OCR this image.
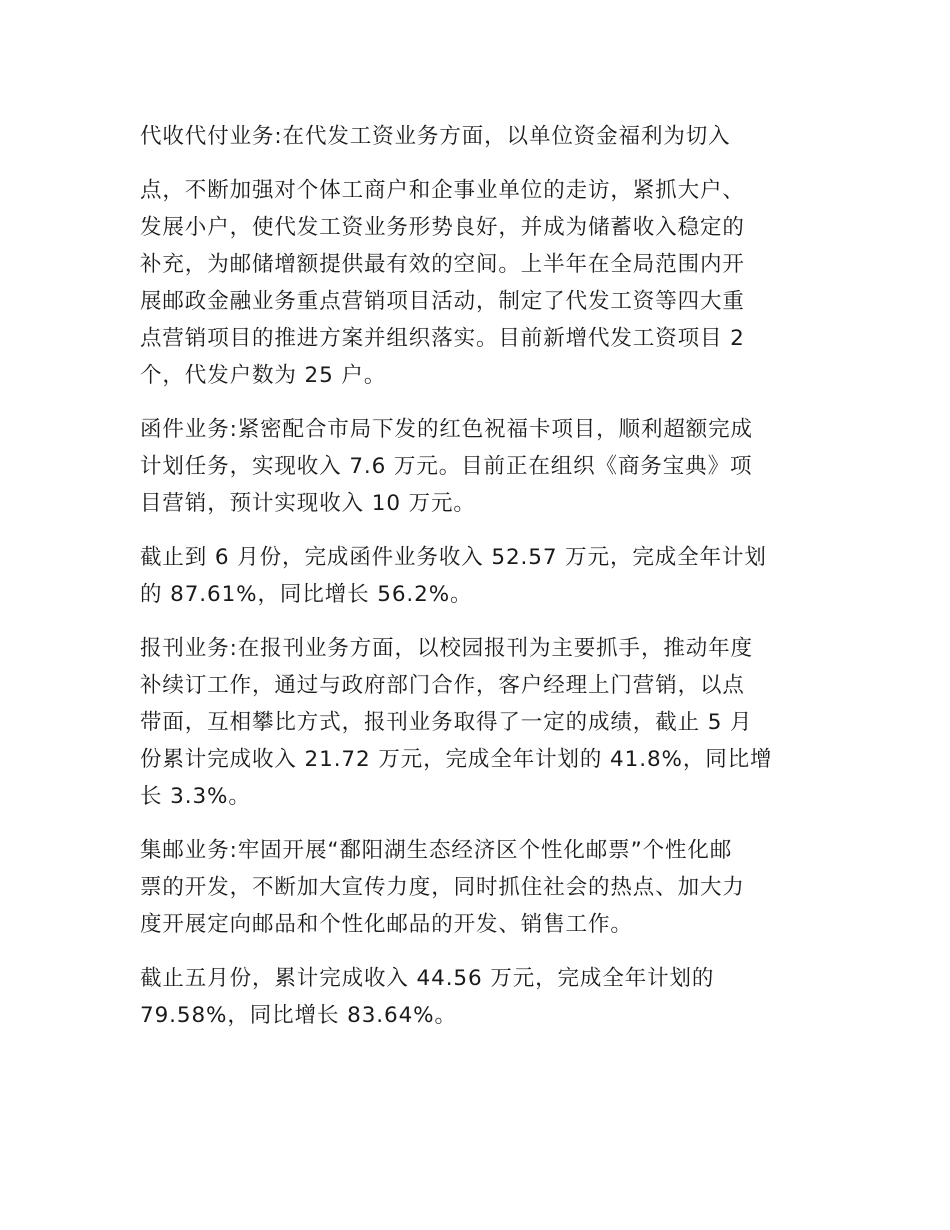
代收代付业务:在代发工资业务方面，以单位资金福利为切入

点，不断加强对个体工商户和企事业单位的走访，紧抓大户、
发展小户，使代发工资业务形势良好，并成为储蓄收入稳定的
补充，为邮储增额提供最有效的空间。上半年在全局范围内开
展邮政金融业务重点营销项目活动，制定了代发工资等四大重
点营销项目的推进方案并组织落实。目前新增代发工资项目 2
个，代发户数为 25 户。

函件业务:紧密配合市局下发的红色祝福卡项目，顺利超额完成
计划任务，实现收入 7.6 万元。目前正在组织《商务宝典》项
目营销，预计实现收入 10 万元。

截止到 6 月份，完成函件业务收入 52.57 万元，完成全年计划
的 87.61%，同比增长 56.2%。

报刊业务:在报刊业务方面，以校园报刊为主要抓手，推动年度
补续订工作，通过与政府部门合作，客户经理上门营销，以点
带面，互相攀比方式，报刊业务取得了一定的成绩，截止 5 月
份累计完成收入 21.72 万元，完成全年计划的 41.8%，同比增
长 3.3%。

集邮业务:牢固开展“鄱阳湖生态经济区个性化邮票”个性化邮
票的开发，不断加大宣传力度，同时抓住社会的热点、加大力
度开展定向邮品和个性化邮品的开发、销售工作。

截止五月份，累计完成收入 44.56 万元，完成全年计划的
79.58%，同比增长 83.64%。
